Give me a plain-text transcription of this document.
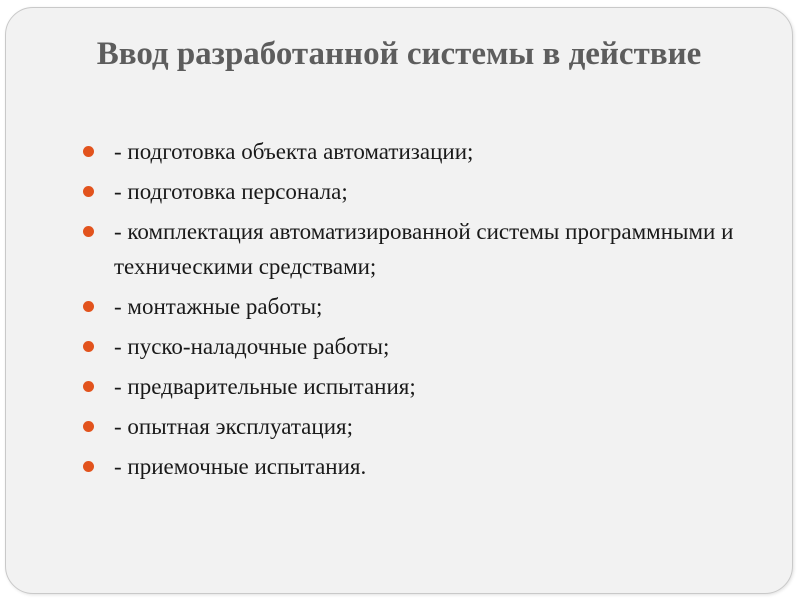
Ввод разработанной системы в действие
- подготовка объекта автоматизации;
- подготовка персонала;
- комплектация автоматизированной системы программными и техническими средствами;
- монтажные работы;
- пуско-наладочные работы;
- предварительные испытания;
- опытная эксплуатация;
- приемочные испытания.
